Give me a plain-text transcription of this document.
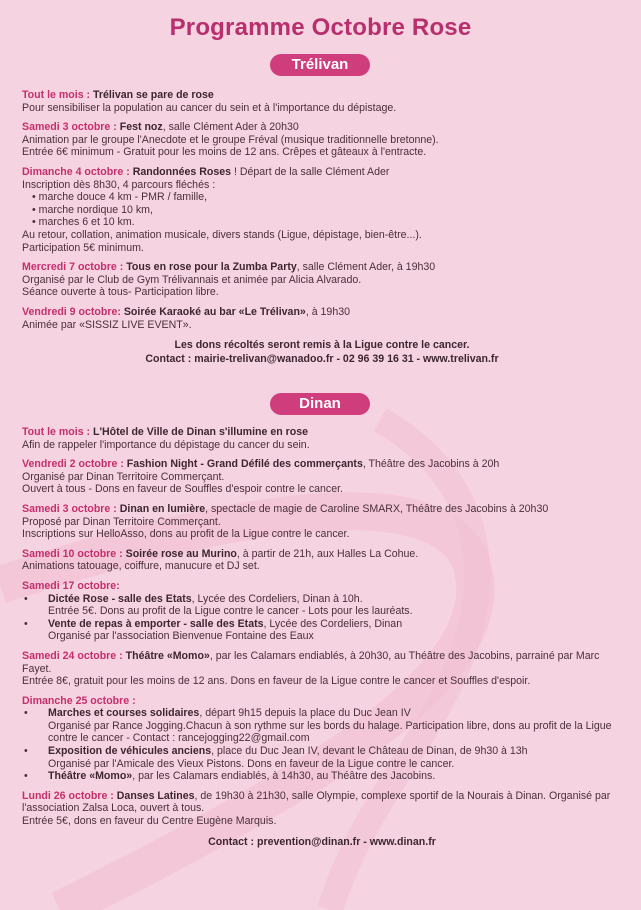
Programme Octobre Rose
Trélivan

Tout le mois : Trélivan se pare de rose

Pour sensibiliser la population au cancer du sein et à l'importance du dépistage.

Samedi 3 octobre : Fest noz, salle Clément Ader à 20h30

Animation par le groupe l'Anecdote et le groupe Fréval (musique traditionnelle bretonne).

Entrée 6€ minimum - Gratuit pour les moins de 12 ans. Crêpes et gâteaux à l'entracte.

Dimanche 4 octobre : Randonnées Roses ! Départ de la salle Clément Ader

Inscription dès 8h30, 4 parcours fléchés :

• marche douce 4 km - PMR / famille,
• marche nordique 10 km,
• marches 6 et 10 km.

Au retour, collation, animation musicale, divers stands (Ligue, dépistage, bien-être...).

Participation 5€ minimum.

Mercredi 7 octobre : Tous en rose pour la Zumba Party, salle Clément Ader, à 19h30

Organisé par le Club de Gym Trélivannais et animée par Alicia Alvarado.

Séance ouverte à tous- Participation libre.

Vendredi 9 octobre: Soirée Karaoké au bar «Le Trélivan», à 19h30

Animée par «SISSIZ LIVE EVENT».

Les dons récoltés seront remis à la Ligue contre le cancer.
Contact : mairie-trelivan@wanadoo.fr - 02 96 39 16 31 - www.trelivan.fr
Dinan

Tout le mois : L'Hôtel de Ville de Dinan s'illumine en rose

Afin de rappeler l'importance du dépistage du cancer du sein.

Vendredi 2 octobre : Fashion Night - Grand Défilé des commerçants, Théâtre des Jacobins à 20h

Organisé par Dinan Territoire Commerçant.

Ouvert à tous - Dons en faveur de Souffles d'espoir contre le cancer.

Samedi 3 octobre : Dinan en lumière, spectacle de magie de Caroline SMARX, Théâtre des Jacobins à 20h30

Proposé par Dinan Territoire Commerçant.

Inscriptions sur HelloAsso, dons au profit de la Ligue contre le cancer.

Samedi 10 octobre : Soirée rose au Murino, à partir de 21h, aux Halles La Cohue.

Animations tatouage, coiffure, manucure et DJ set.

Samedi 17 octobre:

• Dictée Rose - salle des Etats, Lycée des Cordeliers, Dinan à 10h.
Entrée 5€. Dons au profit de la Ligue contre le cancer - Lots pour les lauréats.
• Vente de repas à emporter - salle des Etats, Lycée des Cordeliers, Dinan
Organisé par l'association Bienvenue Fontaine des Eaux

Samedi 24 octobre : Théâtre «Momo», par les Calamars endiablés, à 20h30, au Théâtre des Jacobins, parrainé par Marc Fayet.

Entrée 8€, gratuit pour les moins de 12 ans. Dons en faveur de la Ligue contre le cancer et Souffles d'espoir.

Dimanche 25 octobre :

• Marches et courses solidaires, départ 9h15 depuis la place du Duc Jean IV
Organisé par Rance Jogging.Chacun à son rythme sur les bords du halage. Participation libre, dons au profit de la Ligue contre le cancer - Contact : rancejogging22@gmail.com
• Exposition de véhicules anciens, place du Duc Jean IV, devant le Château de Dinan, de 9h30 à 13h
Organisé par l'Amicale des Vieux Pistons. Dons en faveur de la Ligue contre le cancer.
• Théâtre «Momo», par les Calamars endiablés, à 14h30, au Théâtre des Jacobins.

Lundi 26 octobre : Danses Latines, de 19h30 à 21h30, salle Olympie, complexe sportif de la Nourais à Dinan. Organisé par l'association Zalsa Loca, ouvert à tous.

Entrée 5€, dons en faveur du Centre Eugène Marquis.

Contact : prevention@dinan.fr - www.dinan.fr
